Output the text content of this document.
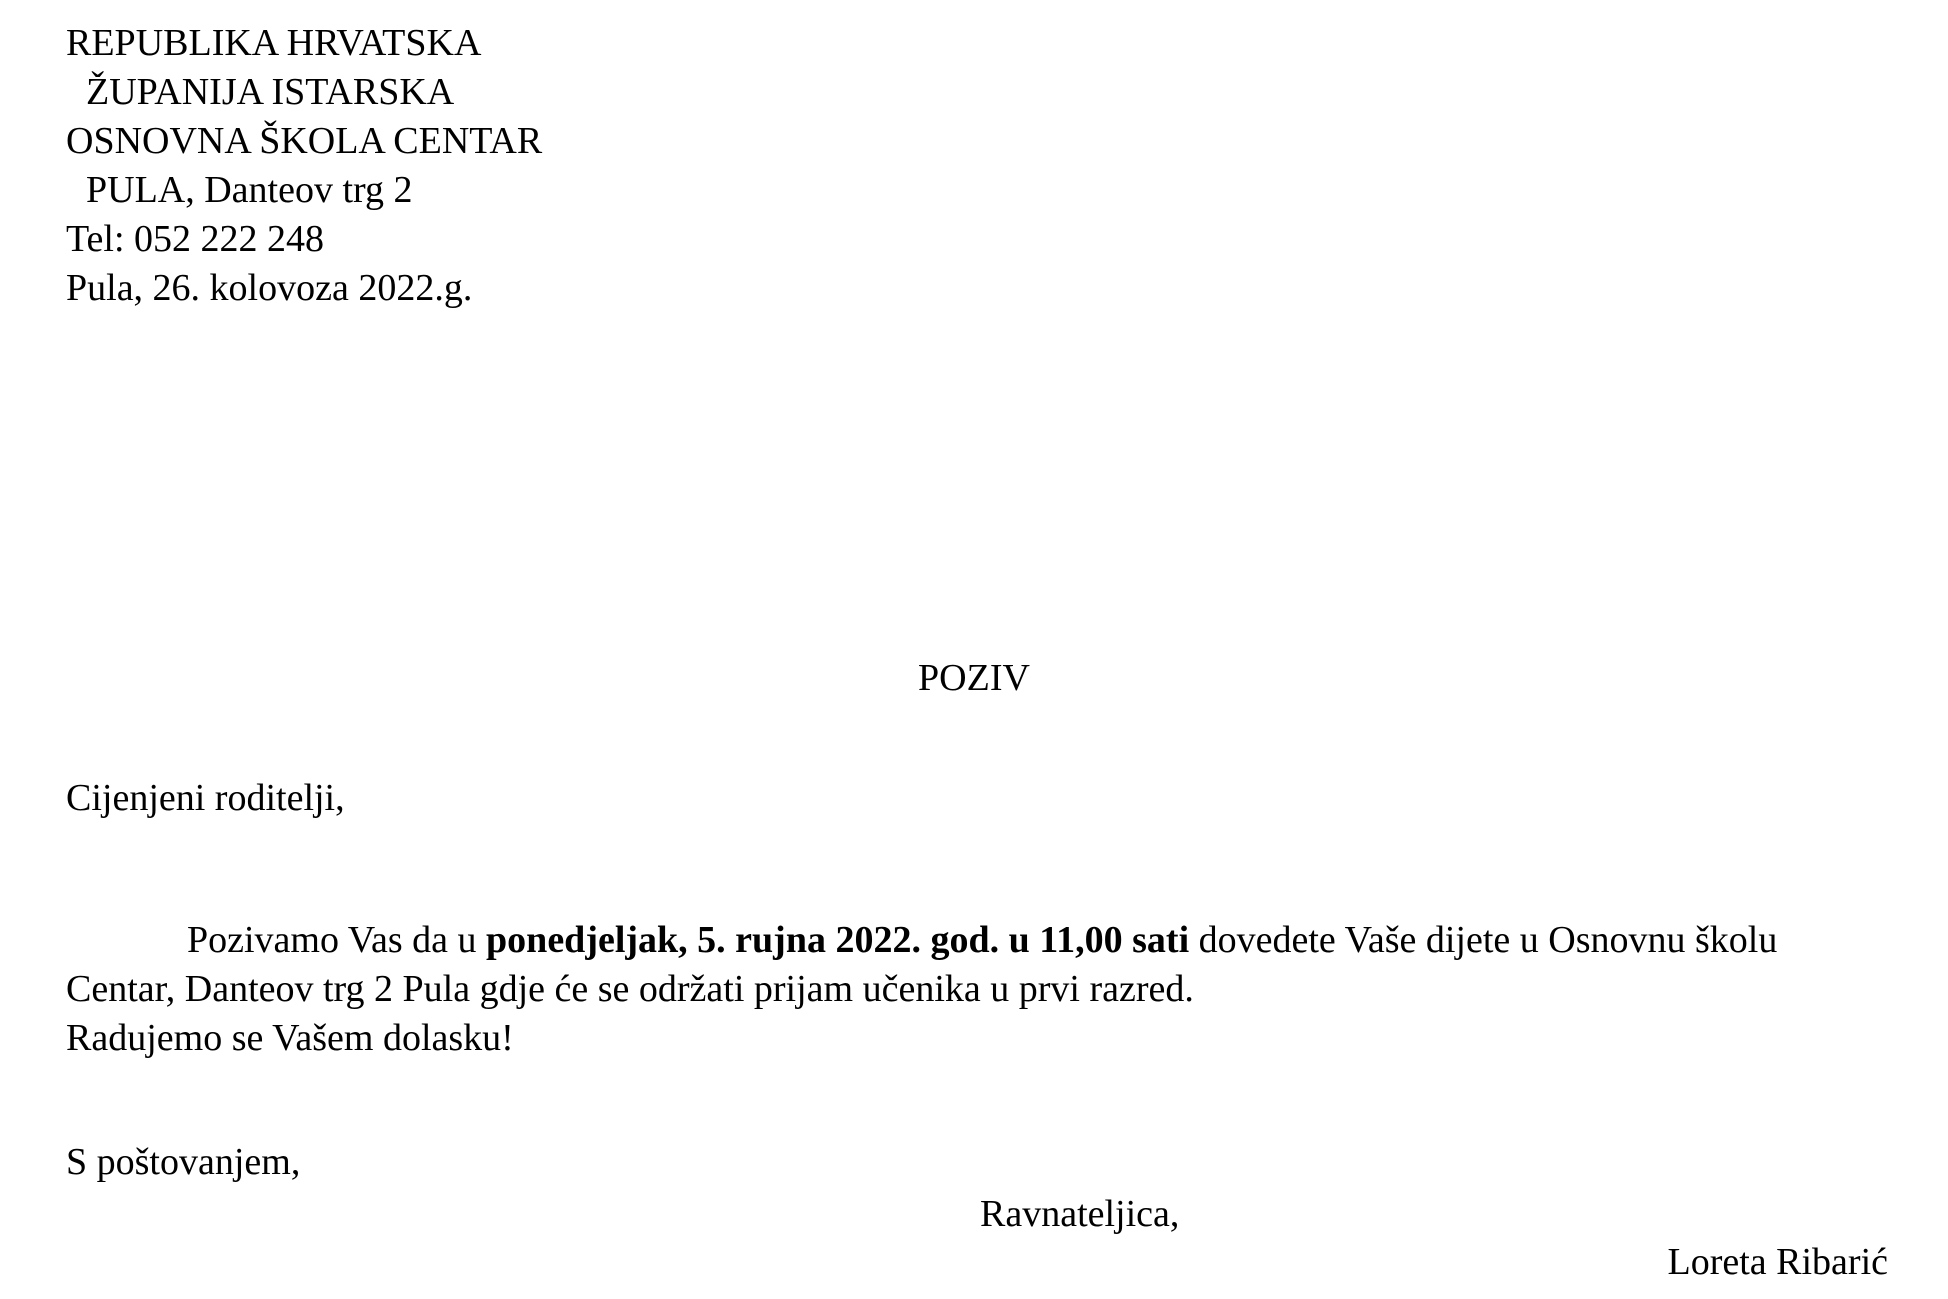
REPUBLIKA HRVATSKA
ŽUPANIJA ISTARSKA
OSNOVNA ŠKOLA CENTAR
PULA, Danteov trg 2
Tel: 052 222 248
Pula, 26. kolovoza 2022.g.
POZIV
Cijenjeni roditelji,
Pozivamo Vas da u ponedjeljak, 5. rujna 2022. god. u 11,00 sati dovedete Vaše dijete u Osnovnu školu Centar, Danteov trg 2 Pula gdje će se održati prijam učenika u prvi razred.
Radujemo se Vašem dolasku!
S poštovanjem,
Ravnateljica,
Loreta Ribarić
